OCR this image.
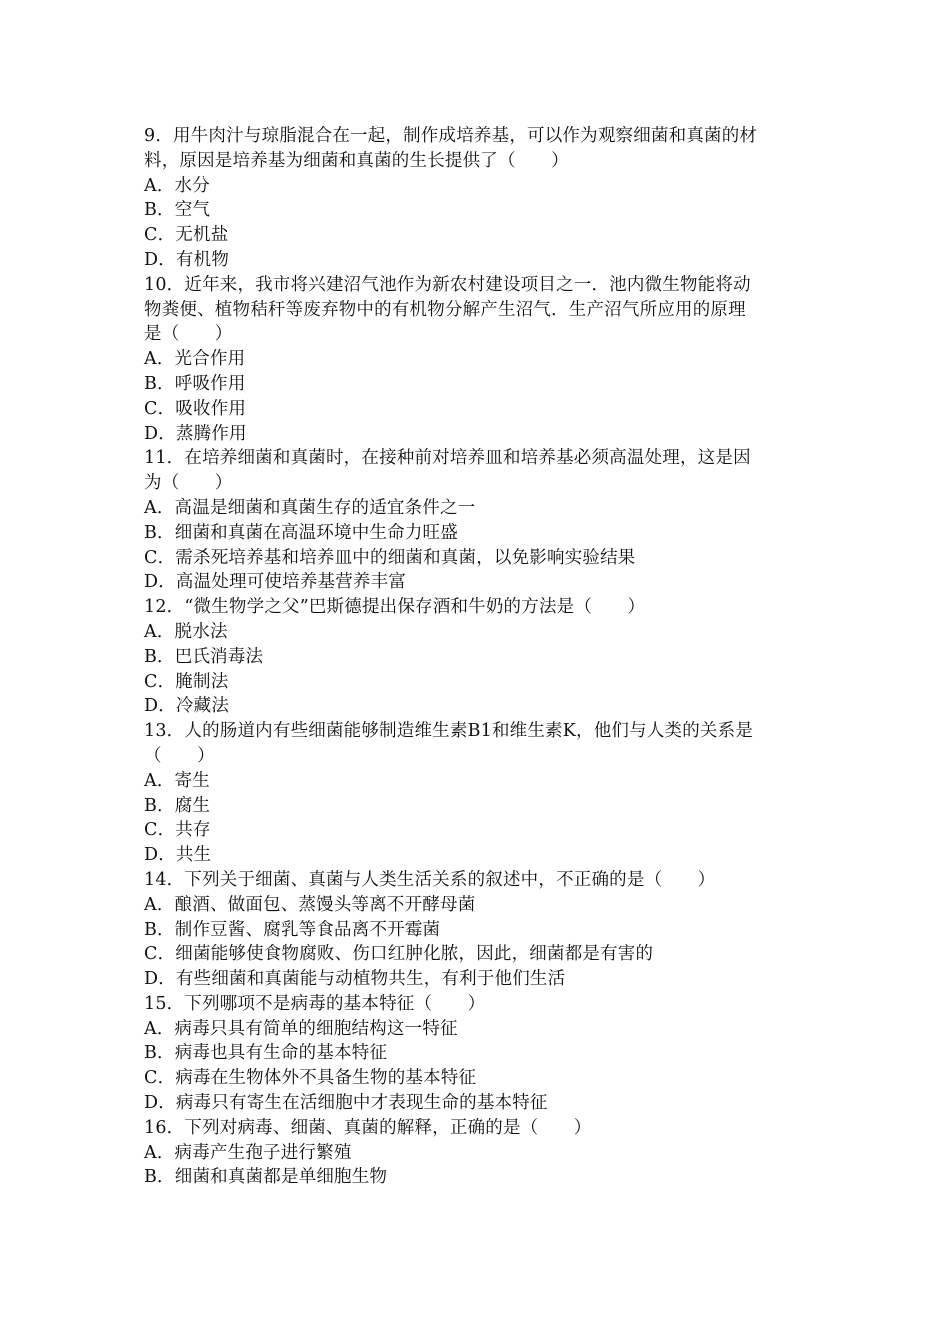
9．用牛肉汁与琼脂混合在一起，制作成培养基，可以作为观察细菌和真菌的材
料，原因是培养基为细菌和真菌的生长提供了（　　）
A．水分
B．空气
C．无机盐
D．有机物
10．近年来，我市将兴建沼气池作为新农村建设项目之一．池内微生物能将动
物粪便、植物秸秆等废弃物中的有机物分解产生沼气．生产沼气所应用的原理
是（　　）
A．光合作用
B．呼吸作用
C．吸收作用
D．蒸腾作用
11．在培养细菌和真菌时，在接种前对培养皿和培养基必须高温处理，这是因
为（　　）
A．高温是细菌和真菌生存的适宜条件之一
B．细菌和真菌在高温环境中生命力旺盛
C．需杀死培养基和培养皿中的细菌和真菌，以免影响实验结果
D．高温处理可使培养基营养丰富
12．“微生物学之父”巴斯德提出保存酒和牛奶的方法是（　　）
A．脱水法
B．巴氏消毒法
C．腌制法
D．冷藏法
13．人的肠道内有些细菌能够制造维生素B1和维生素K，他们与人类的关系是
（　　）
A．寄生
B．腐生
C．共存
D．共生
14．下列关于细菌、真菌与人类生活关系的叙述中，不正确的是（　　）
A．酿酒、做面包、蒸馒头等离不开酵母菌
B．制作豆酱、腐乳等食品离不开霉菌
C．细菌能够使食物腐败、伤口红肿化脓，因此，细菌都是有害的
D．有些细菌和真菌能与动植物共生，有利于他们生活
15．下列哪项不是病毒的基本特征（　　）
A．病毒只具有简单的细胞结构这一特征
B．病毒也具有生命的基本特征
C．病毒在生物体外不具备生物的基本特征
D．病毒只有寄生在活细胞中才表现生命的基本特征
16．下列对病毒、细菌、真菌的解释，正确的是（　　）
A．病毒产生孢子进行繁殖
B．细菌和真菌都是单细胞生物
